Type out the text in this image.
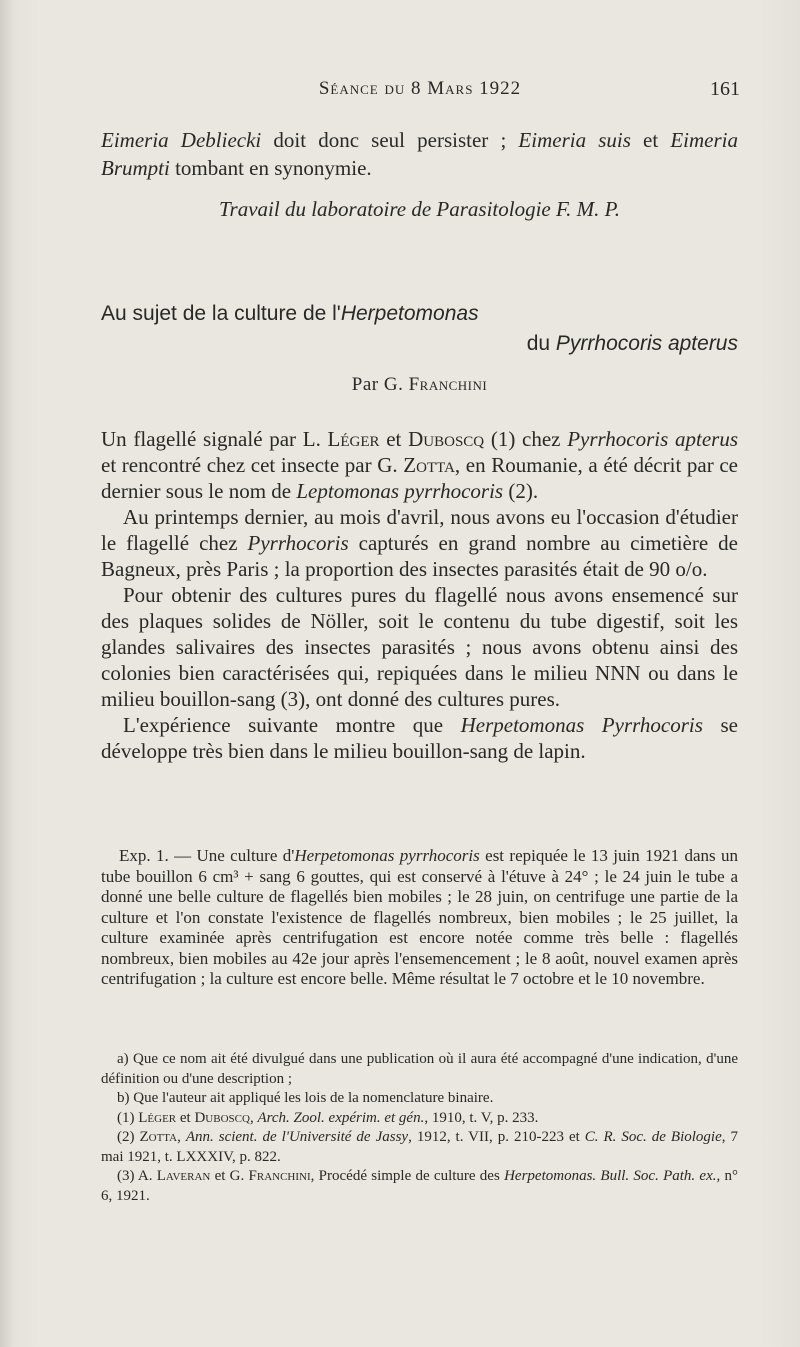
Séance du 8 Mars 1922	161

Eimeria Debliecki doit donc seul persister ; Eimeria suis et Eimeria Brumpti tombant en synonymie.

Travail du laboratoire de Parasitologie F. M. P.
Au sujet de la culture de l'Herpetomonas
du Pyrrhocoris apterus
Par G. Franchini

Un flagellé signalé par L. Léger et Duboscq (1) chez Pyrrhocoris apterus et rencontré chez cet insecte par G. Zotta, en Roumanie, a été décrit par ce dernier sous le nom de Leptomonas pyrrhocoris (2).

Au printemps dernier, au mois d'avril, nous avons eu l'occasion d'étudier le flagellé chez Pyrrhocoris capturés en grand nombre au cimetière de Bagneux, près Paris ; la proportion des insectes parasités était de 90 o/o.

Pour obtenir des cultures pures du flagellé nous avons ensemencé sur des plaques solides de Nöller, soit le contenu du tube digestif, soit les glandes salivaires des insectes parasités ; nous avons obtenu ainsi des colonies bien caractérisées qui, repiquées dans le milieu NNN ou dans le milieu bouillon-sang (3), ont donné des cultures pures.

L'expérience suivante montre que Herpetomonas Pyrrhocoris se développe très bien dans le milieu bouillon-sang de lapin.

Exp. 1. — Une culture d'Herpetomonas pyrrhocoris est repiquée le 13 juin 1921 dans un tube bouillon 6 cm³ + sang 6 gouttes, qui est conservé à l'étuve à 24° ; le 24 juin le tube a donné une belle culture de flagellés bien mobiles ; le 28 juin, on centrifuge une partie de la culture et l'on constate l'existence de flagellés nombreux, bien mobiles ; le 25 juillet, la culture examinée après centrifugation est encore notée comme très belle : flagellés nombreux, bien mobiles au 42e jour après l'ensemencement ; le 8 août, nouvel examen après centrifugation ; la culture est encore belle. Même résultat le 7 octobre et le 10 novembre.

a) Que ce nom ait été divulgué dans une publication où il aura été accompagné d'une indication, d'une définition ou d'une description ;

b) Que l'auteur ait appliqué les lois de la nomenclature binaire.

(1) Léger et Duboscq, Arch. Zool. expérim. et gén., 1910, t. V, p. 233.

(2) Zotta, Ann. scient. de l'Université de Jassy, 1912, t. VII, p. 210-223 et C. R. Soc. de Biologie, 7 mai 1921, t. LXXXIV, p. 822.

(3) A. Laveran et G. Franchini, Procédé simple de culture des Herpetomonas. Bull. Soc. Path. ex., n° 6, 1921.
